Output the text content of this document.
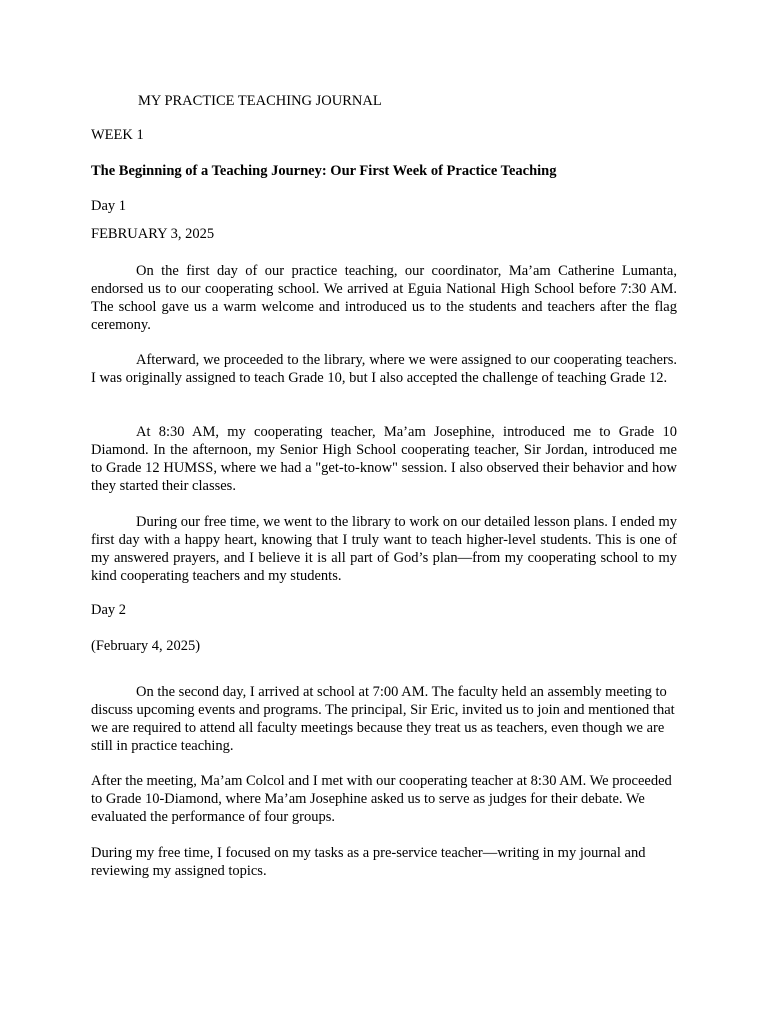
MY PRACTICE TEACHING JOURNAL

WEEK 1

The Beginning of a Teaching Journey: Our First Week of Practice Teaching

Day 1

FEBRUARY 3, 2025

On the first day of our practice teaching, our coordinator, Ma’am Catherine Lumanta, endorsed us to our cooperating school. We arrived at Eguia National High School before 7:30 AM. The school gave us a warm welcome and introduced us to the students and teachers after the flag ceremony.

Afterward, we proceeded to the library, where we were assigned to our cooperating teachers. I was originally assigned to teach Grade 10, but I also accepted the challenge of teaching Grade 12.

At 8:30 AM, my cooperating teacher, Ma’am Josephine, introduced me to Grade 10 Diamond. In the afternoon, my Senior High School cooperating teacher, Sir Jordan, introduced me to Grade 12 HUMSS, where we had a "get-to-know" session. I also observed their behavior and how they started their classes.

During our free time, we went to the library to work on our detailed lesson plans. I ended my first day with a happy heart, knowing that I truly want to teach higher-level students. This is one of my answered prayers, and I believe it is all part of God’s plan—from my cooperating school to my kind cooperating teachers and my students.

Day 2

(February 4, 2025)

On the second day, I arrived at school at 7:00 AM. The faculty held an assembly meeting to discuss upcoming events and programs. The principal, Sir Eric, invited us to join and mentioned that we are required to attend all faculty meetings because they treat us as teachers, even though we are still in practice teaching.

After the meeting, Ma’am Colcol and I met with our cooperating teacher at 8:30 AM. We proceeded to Grade 10-Diamond, where Ma’am Josephine asked us to serve as judges for their debate. We evaluated the performance of four groups.

During my free time, I focused on my tasks as a pre-service teacher—writing in my journal and reviewing my assigned topics.
